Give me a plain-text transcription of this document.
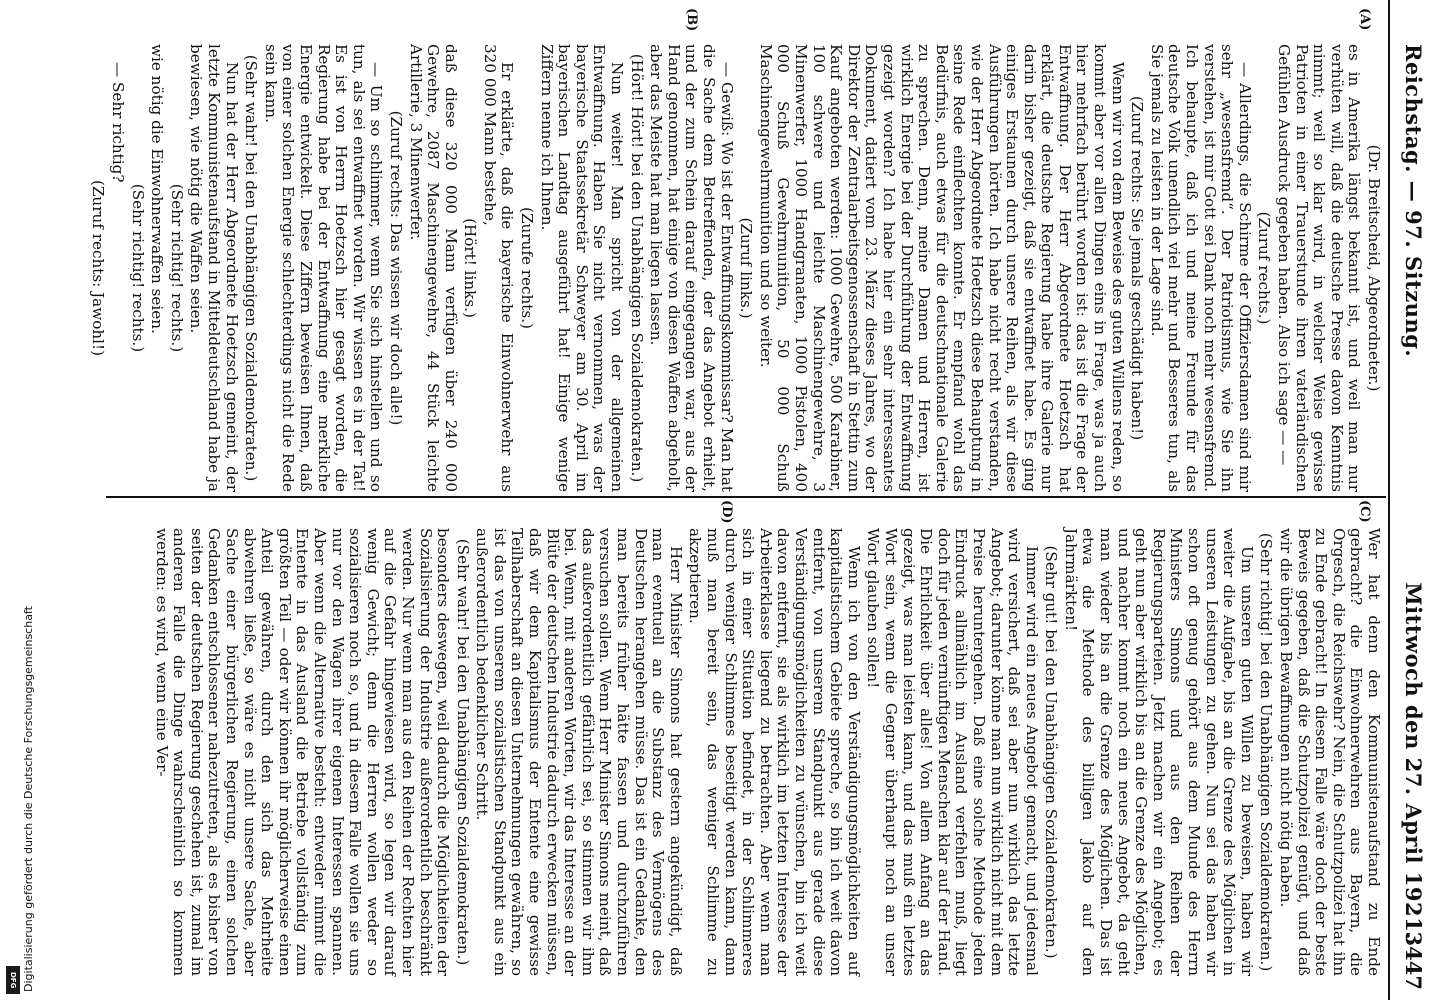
Reichstag. — 97. Sitzung.
Mittwoch den 27. April 1921.
3447
(A)
(B)
(C)
(D)

(Dr. Breitscheid, Abgeordneter.)

es in Amerika längst bekannt ist, und weil man nur verhüten will, daß die deutsche Presse davon Kenntnis nimmt; weil so klar wird, in welcher Weise gewisse Patrioten in einer Trauerstunde ihren vaterländischen Gefühlen Ausdruck gegeben haben. Also ich sage — —

(Zuruf rechts.)

— Allerdings, die Schirme der Offiziersdamen sind mir sehr „wesensfremd“. Der Patriotismus, wie Sie ihn verstehen, ist mir Gott sei Dank noch mehr wesensfremd. Ich behaupte, daß ich und meine Freunde für das deutsche Volk unendlich viel mehr und Besseres tun, als Sie jemals zu leisten in der Lage sind.

(Zuruf rechts: Sie jemals geschädigt haben!)

Wenn wir von dem Beweise des guten Willens reden, so kommt aber vor allen Dingen eins in Frage, was ja auch hier mehrfach berührt worden ist: das ist die Frage der Entwaffnung. Der Herr Abgeordnete Hoetzsch hat erklärt, die deutsche Regierung habe ihre Galerie nur darin bisher gezeigt, daß sie entwaffnet habe. Es ging einiges Erstaunen durch unsere Reihen, als wir diese Ausführungen hörten. Ich habe nicht recht verstanden, wie der Herr Abgeordnete Hoetzsch diese Behauptung in seine Rede einflechten konnte. Er empfand wohl das Bedürfnis, auch etwas für die deutschnationale Galerie zu sprechen. Denn, meine Damen und Herren, ist wirklich Energie bei der Durchführung der Entwaffnung gezeigt worden? Ich habe hier ein sehr interessantes Dokument, datiert vom 23. März dieses Jahres, wo der Direktor der Zentralarbeitsgenossenschaft in Stettin zum Kauf angeboten werden: 1000 Gewehre, 500 Karabiner, 100 schwere und leichte Maschinengewehre, 3 Minenwerfer, 1000 Handgranaten, 1000 Pistolen, 400 000 Schuß Gewehrmunition, 50 000 Schuß Maschinengewehrmunition und so weiter.

(Zuruf links.)

— Gewiß: Wo ist der Entwaffnungskommissar? Man hat die Sache dem Betreffenden, der das Angebot erhielt, und der zum Schein darauf eingegangen war, aus der Hand genommen, hat einige von diesen Waffen abgeholt, aber das Meiste hat man liegen lassen.

(Hört! Hört! bei den Unabhängigen Sozialdemokraten.)

Nun weiter! Man spricht von der allgemeinen Entwaffnung. Haben Sie nicht vernommen, was der bayerische Staatssekretär Schweyer am 30. April im bayerischen Landtag ausgeführt hat! Einige wenige Ziffern nenne ich Ihnen.

(Zurufe rechts.)

Er erklärte, daß die bayerische Einwohnerwehr aus 320 000 Mann bestehe,

(Hört! links.)

daß diese 320 000 Mann verfügen über 240 000 Gewehre, 2087 Maschinengewehre, 44 Stück leichte Artillerie, 3 Minenwerfer.

(Zuruf rechts: Das wissen wir doch alle!)

— Um so schlimmer, wenn Sie sich hinstellen und so tun, als sei entwaffnet worden. Wir wissen es in der Tat! Es ist von Herrn Hoetzsch hier gesagt worden, die Regierung habe bei der Entwaffnung eine merkliche Energie entwickelt. Diese Ziffern beweisen Ihnen, daß von einer solchen Energie schlechterdings nicht die Rede sein kann.

(Sehr wahr! bei den Unabhängigen Sozialdemokraten.)

Nun hat der Herr Abgeordnete Hoetzsch gemeint, der letzte Kommunistenaufstand in Mitteldeutschland habe ja bewiesen, wie nötig die Waffen seien.

(Sehr richtig! rechts.)

wie nötig die Einwohnerwaffen seien.

(Sehr richtig! rechts.)

— Sehr richtig?

(Zuruf rechts: Jawohl!)

Wer hat denn den Kommunistenaufstand zu Ende gebracht? die Einwohnerwehren aus Bayern, die Orgesch, die Reichswehr? Nein, die Schutzpolizei hat ihn zu Ende gebracht! In diesem Falle wäre doch der beste Beweis gegeben, daß die Schutzpolizei genügt, und daß wir die übrigen Bewaffnungen nicht nötig haben.

(Sehr richtig! bei den Unabhängigen Sozialdemokraten.)

Um unseren guten Willen zu beweisen, haben wir weiter die Aufgabe, bis an die Grenze des Möglichen in unseren Leistungen zu gehen. Nun sei das haben wir schon oft genug gehört aus dem Munde des Herrn Ministers Simons und aus den Reihen der Regierungsparteien. Jetzt machen wir ein Angebot; es geht nun aber wirklich bis an die Grenze des Möglichen, und nachher kommt noch ein neues Angebot, da geht man wieder bis an die Grenze des Möglichen. Das ist etwa die Methode des billigen Jakob auf den Jahrmärkten!

(Sehr gut! bei den Unabhängigen Sozialdemokraten.)

Immer wird ein neues Angebot gemacht, und jedesmal wird versichert, daß sei aber nun wirklich das letzte Angebot; darunter könne man nun wirklich nicht mit dem Preise heruntergehen. Daß eine solche Methode jeden Eindruck allmählich im Ausland verfehlen muß, liegt doch für jeden vernünftigen Menschen klar auf der Hand. Die Ehrlichkeit über alles! Von allem Anfang an das gezeigt, was man leisten kann, und das muß ein letztes Wort sein, wenn die Gegner überhaupt noch an unser Wort glauben sollen!

Wenn ich von den Verständigungsmöglichkeiten auf kapitalistischem Gebiete spreche, so bin ich weit davon entfernt, von unserem Standpunkt aus gerade diese Verständigungsmöglichkeiten zu wünschen, bin ich weit davon entfernt, sie als wirklich im letzten Interesse der Arbeiterklasse liegend zu betrachten. Aber wenn man sich in einer Situation befindet, in der Schlimmeres durch weniger Schlimmes beseitigt werden kann, dann muß man bereit sein, das weniger Schlimme zu akzeptieren.

Herr Minister Simons hat gestern angekündigt, daß man eventuell an die Substanz des Vermögens des Deutschen herangehen müsse. Das ist ein Gedanke, den man bereits früher hätte fassen und durchzuführen versuchen sollen. Wenn Herr Minister Simons meint, daß das außerordentlich gefährlich sei, so stimmen wir ihm bei. Wenn, mit anderen Worten, wir das Interesse an der Blüte der deutschen Industrie dadurch erwecken müssen, daß wir dem Kapitalismus der Entente eine gewisse Teilhaberschaft an diesen Unternehmungen gewähren, so ist das von unserem sozialistischen Standpunkt aus ein außerordentlich bedenklicher Schritt.

(Sehr wahr! bei den Unabhängigen Sozialdemokraten.)

besonders deswegen, weil dadurch die Möglichkeiten der Sozialisierung der Industrie außerordentlich beschränkt werden. Nur wenn man aus den Reihen der Rechten hier auf die Gefahr hingewiesen wird, so legen wir darauf wenig Gewicht; denn die Herren wollen weder so sozialisieren noch so, und in diesem Falle wollen sie uns nur vor den Wagen ihrer eigenen Interessen spannen. Aber wenn die Alternative besteht: entweder nimmt die Entente in das Ausland die Betriebe vollständig zum größten Teil — oder wir können ihr möglicherweise einen Anteil gewähren, durch den sich das Mehrheite abwehren ließe, so wäre es nicht unsere Sache, aber Sache einer bürgerlichen Regierung, einen solchen Gedanken entschlossener nahezutreten, als es bisher von seiten der deutschen Regierung geschehen ist, zumal im anderen Falle die Dinge wahrscheinlich so kommen werden: es wird, wenn eine Ver-

Digitalisierung gefördert durch die Deutsche Forschungsgemeinschaft
DFG
